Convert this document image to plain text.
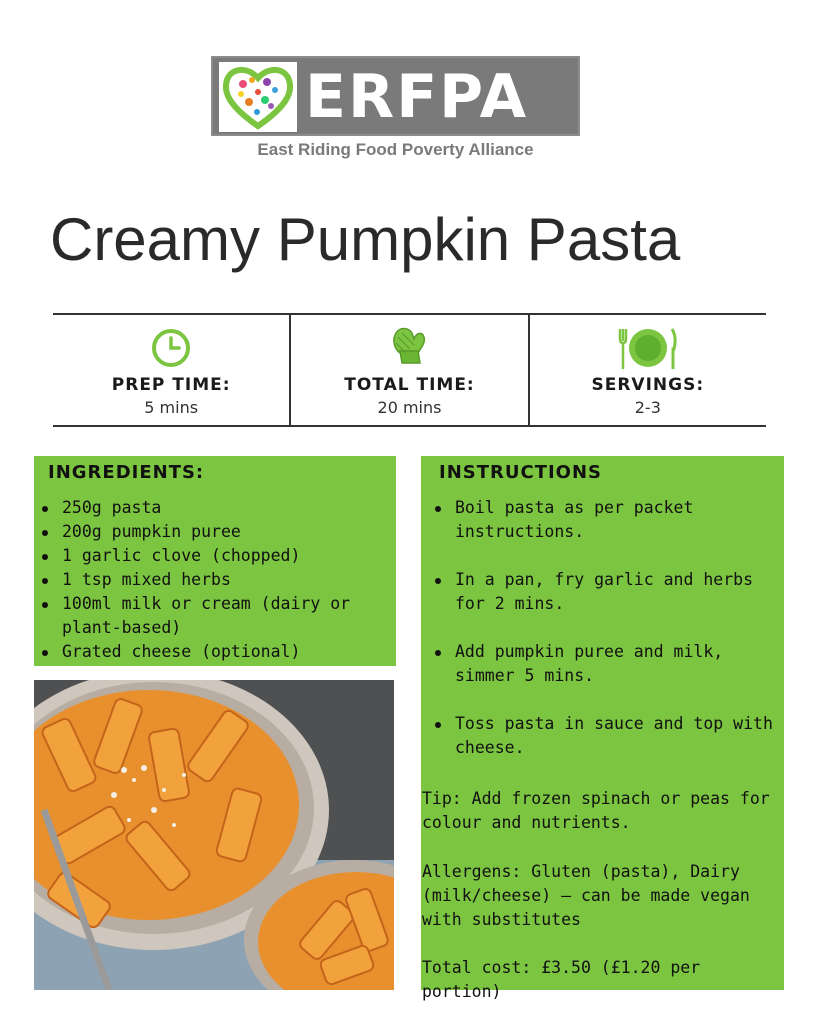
ERFPA
East Riding Food Poverty Alliance
Creamy Pumpkin Pasta
PREP TIME:
5 mins
TOTAL TIME:
20 mins
SERVINGS:
2-3
INGREDIENTS:
250g pasta
200g pumpkin puree
1 garlic clove (chopped)
1 tsp mixed herbs
100ml milk or cream (dairy or plant-based)
Grated cheese (optional)
INSTRUCTIONS
Boil pasta as per packet instructions.
In a pan, fry garlic and herbs for 2 mins.
Add pumpkin puree and milk, simmer 5 mins.
Toss pasta in sauce and top with cheese.
Tip: Add frozen spinach or peas for colour and nutrients.
Allergens: Gluten (pasta), Dairy (milk/cheese) — can be made vegan with substitutes
Total cost: £3.50 (£1.20 per portion)
